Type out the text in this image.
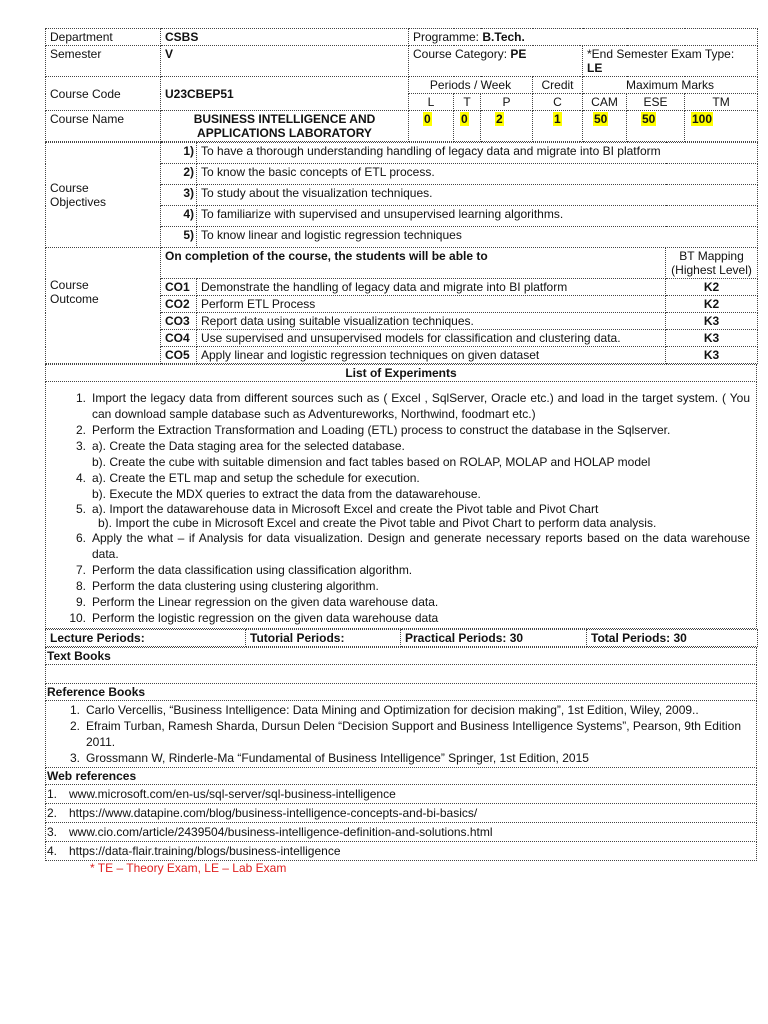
Department	CSBS	Programme: B.Tech.						
Semester	V	Course Category: PE				*End Semester Exam Type:
LE		
Course Code	U23CBEP51	Periods / Week			Credit	Maximum Marks		
		L	T	P	C	CAM	ESE	TM
Course Name	BUSINESS INTELLIGENCE AND
APPLICATIONS LABORATORY	0	0	2	1	50	50	100
Course
Objectives	1)	To have a thorough understanding handling of legacy data and migrate into BI platform	
	2)	To know the basic concepts of ETL process.	
	3)	To study about the visualization techniques.	
	4)	To familiarize with supervised and unsupervised learning algorithms.	
	5)	To know linear and logistic regression techniques	
Course
Outcome	On completion of the course, the students will be able to		BT Mapping
(Highest Level)
	CO1	Demonstrate the handling of legacy data and migrate into BI platform	K2
	CO2	Perform ETL Process	K2
	CO3	Report data using suitable visualization techniques.	K3
	CO4	Use supervised and unsupervised models for classification and clustering data.	K3
	CO5	Apply linear and logistic regression techniques on given dataset	K3
List of Experiments

1. Import the legacy data from different sources such as ( Excel , SqlServer, Oracle etc.) and load in the target system. ( You can download sample database such as Adventureworks, Northwind, foodmart etc.)
2. Perform the Extraction Transformation and Loading (ETL) process to construct the database in the Sqlserver.
3. a). Create the Data staging area for the selected database.
b). Create the cube with suitable dimension and fact tables based on ROLAP, MOLAP and HOLAP model
4. a). Create the ETL map and setup the schedule for execution.
b). Execute the MDX queries to extract the data from the datawarehouse.
5. a). Import the datawarehouse data in Microsoft Excel and create the Pivot table and Pivot Chart
b). Import the cube in Microsoft Excel and create the Pivot table and Pivot Chart to perform data analysis.
6. Apply the what – if Analysis for data visualization. Design and generate necessary reports based on the data warehouse data.
7. Perform the data classification using classification algorithm.
8. Perform the data clustering using clustering algorithm.
9. Perform the Linear regression on the given data warehouse data.
10. Perform the logistic regression on the given data warehouse data
Lecture Periods:	Tutorial Periods:	Practical Periods: 30	Total Periods: 30
Text Books

Reference Books

1. Carlo Vercellis, “Business Intelligence: Data Mining and Optimization for decision making”, 1st Edition, Wiley, 2009..
2. Efraim Turban, Ramesh Sharda, Dursun Delen “Decision Support and Business Intelligence Systems”, Pearson, 9th Edition 2011.
3. Grossmann W, Rinderle-Ma “Fundamental of Business Intelligence” Springer, 1st Edition, 2015

Web references

1. www.microsoft.com/en-us/sql-server/sql-business-intelligence

2. https://www.datapine.com/blog/business-intelligence-concepts-and-bi-basics/

3. www.cio.com/article/2439504/business-intelligence-definition-and-solutions.html

4. https://data-flair.training/blogs/business-intelligence
* TE – Theory Exam, LE – Lab Exam
